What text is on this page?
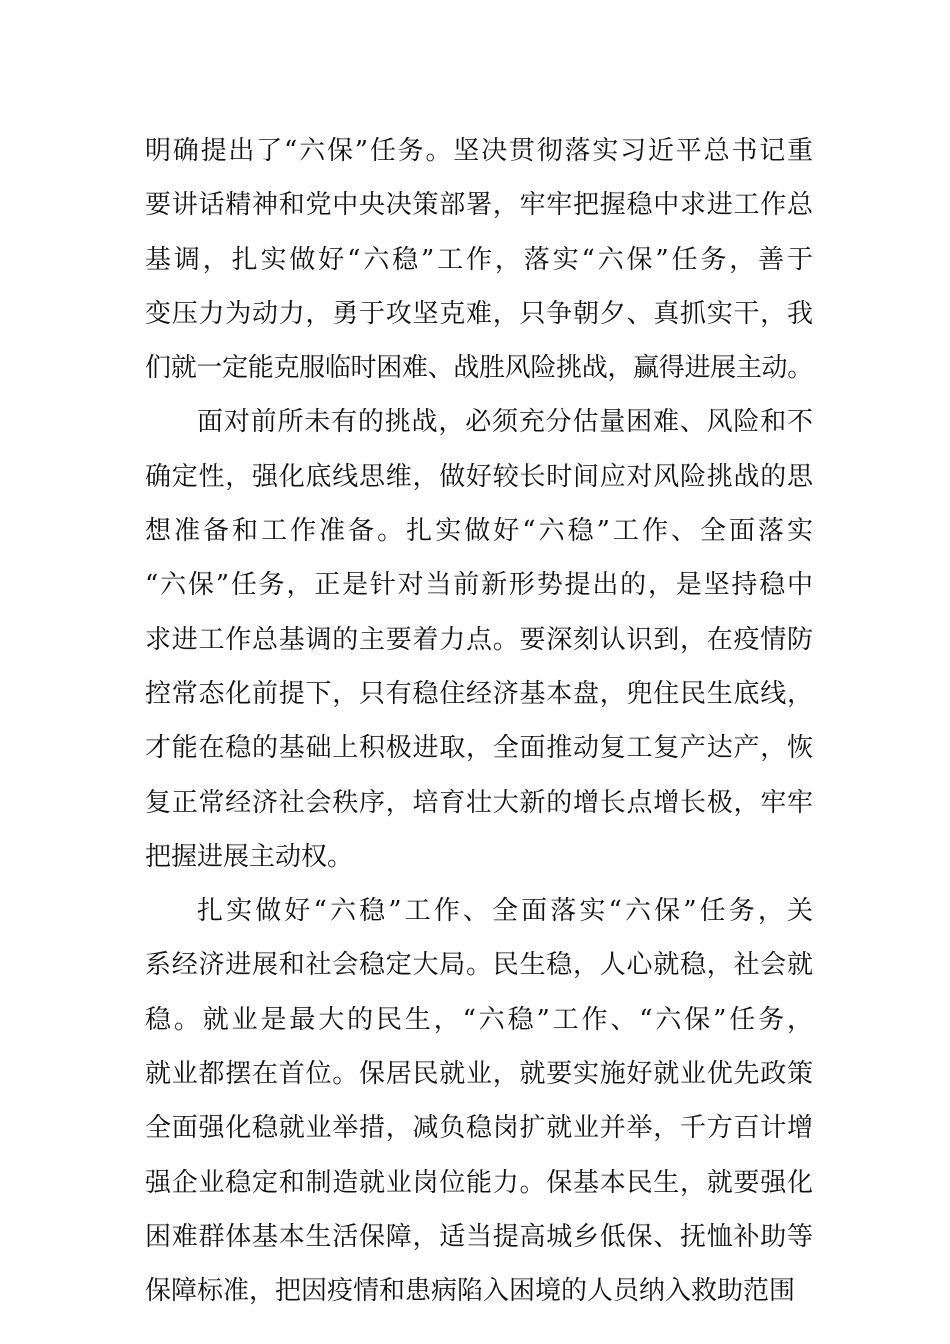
明确提出了“六保”任务。坚决贯彻落实习近平总书记重
要讲话精神和党中央决策部署，牢牢把握稳中求进工作总
基调，扎实做好“六稳”工作，落实“六保”任务，善于
变压力为动力，勇于攻坚克难，只争朝夕、真抓实干，我
们就一定能克服临时困难、战胜风险挑战，赢得进展主动。
面对前所未有的挑战，必须充分估量困难、风险和不
确定性，强化底线思维，做好较长时间应对风险挑战的思
想准备和工作准备。扎实做好“六稳”工作、全面落实
“六保”任务，正是针对当前新形势提出的，是坚持稳中
求进工作总基调的主要着力点。要深刻认识到，在疫情防
控常态化前提下，只有稳住经济基本盘，兜住民生底线，
才能在稳的基础上积极进取，全面推动复工复产达产，恢
复正常经济社会秩序，培育壮大新的增长点增长极，牢牢
把握进展主动权。
扎实做好“六稳”工作、全面落实“六保”任务，关
系经济进展和社会稳定大局。民生稳，人心就稳，社会就
稳。就业是最大的民生，“六稳”工作、“六保”任务，
就业都摆在首位。保居民就业，就要实施好就业优先政策
全面强化稳就业举措，减负稳岗扩就业并举，千方百计增
强企业稳定和制造就业岗位能力。保基本民生，就要强化
困难群体基本生活保障，适当提高城乡低保、抚恤补助等
保障标准，把因疫情和患病陷入困境的人员纳入救助范围
